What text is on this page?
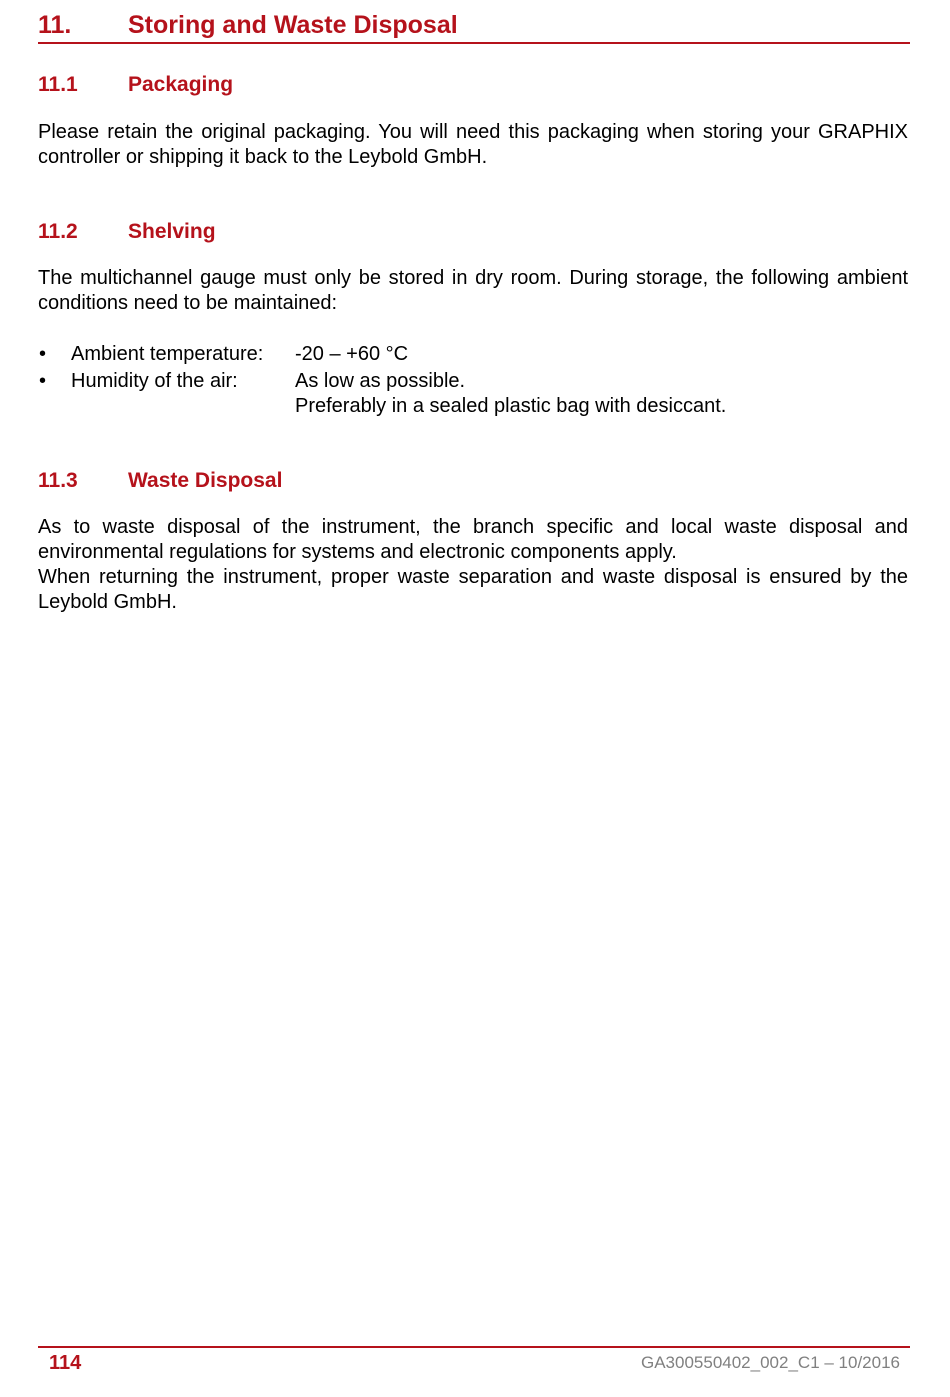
11. Storing and Waste Disposal
11.1 Packaging

Please retain the original packaging. You will need this packaging when storing your GRAPHIX controller or shipping it back to the Leybold GmbH.

11.2 Shelving

The multichannel gauge must only be stored in dry room. During storage, the following ambient conditions need to be maintained:

• Ambient temperature: -20 – +60 °C
• Humidity of the air:	As low as possible.
Preferably in a sealed plastic bag with desiccant.
11.3 Waste Disposal

As to waste disposal of the instrument, the branch specific and local waste disposal and environmental regulations for systems and electronic components apply.

When returning the instrument, proper waste separation and waste disposal is ensured by the Leybold GmbH.

114	GA300550402_002_C1 – 10/2016
